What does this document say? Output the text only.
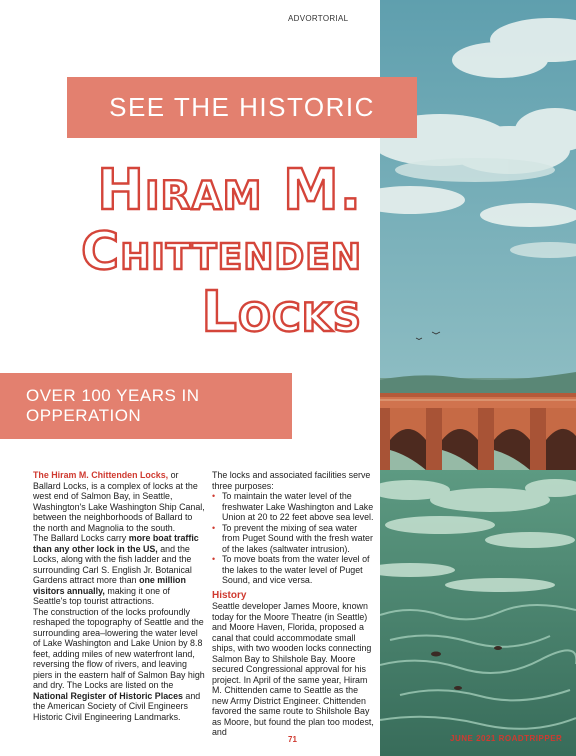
ADVORTORIAL
SEE THE HISTORIC
Hiram M.
Chittenden
Locks
OVER 100 YEARS IN OPPERATION

The Hiram M. Chittenden Locks, or Ballard Locks, is a complex of locks at the west end of Salmon Bay, in Seattle, Washington's Lake Washington Ship Canal, between the neighborhoods of Ballard to the north and Magnolia to the south.

The Ballard Locks carry more boat traffic than any other lock in the US, and the Locks, along with the fish ladder and the surrounding Carl S. English Jr. Botanical Gardens attract more than one million visitors annually, making it one of Seattle's top tourist attractions.

The construction of the locks profoundly reshaped the topography of Seattle and the surrounding area–lowering the water level of Lake Washington and Lake Union by 8.8 feet, adding miles of new waterfront land, reversing the flow of rivers, and leaving piers in the eastern half of Salmon Bay high and dry. The Locks are listed on the National Register of Historic Places and the American Society of Civil Engineers Historic Civil Engineering Landmarks.

The locks and associated facilities serve three purposes:

• To maintain the water level of the freshwater Lake Washington and Lake Union at 20 to 22 feet above sea level.

• To prevent the mixing of sea water from Puget Sound with the fresh water of the lakes (saltwater intrusion).

• To move boats from the water level of the lakes to the water level of Puget Sound, and vice versa.

History

Seattle developer James Moore, known today for the Moore Theatre (in Seattle) and Moore Haven, Florida, proposed a canal that could accommodate small ships, with two wooden locks connecting Salmon Bay to Shilshole Bay. Moore secured Congressional approval for his project. In April of the same year, Hiram M. Chittenden came to Seattle as the new Army District Engineer. Chittenden favored the same route to Shilshole Bay as Moore, but found the plan too modest, and

71	JUNE 2021 ROADTRIPPER
